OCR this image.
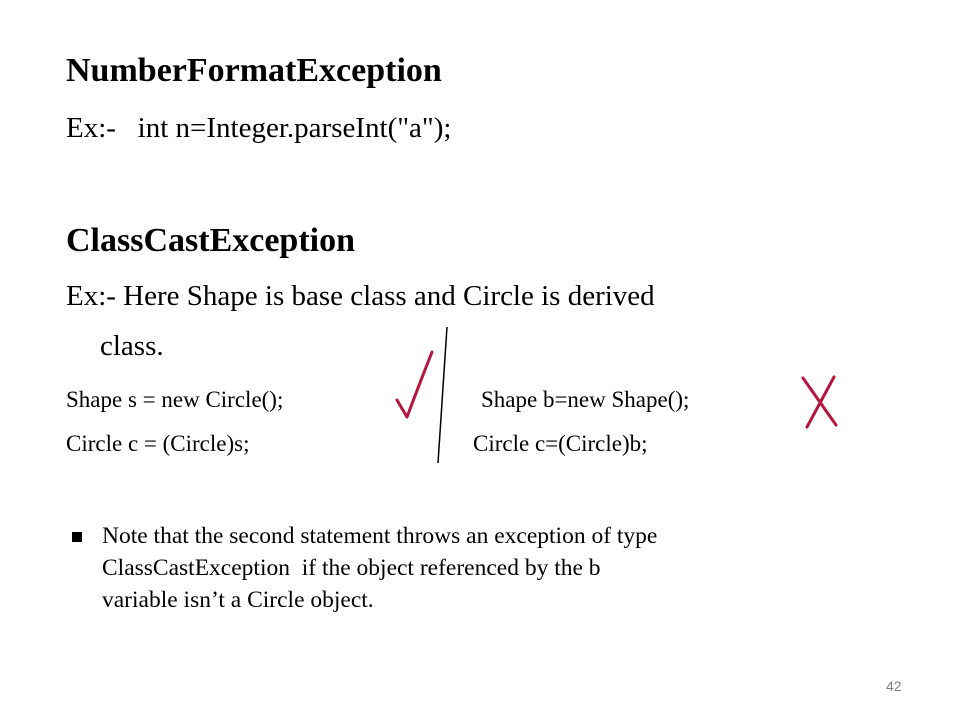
NumberFormatException
Ex:-   int n=Integer.parseInt("a");
ClassCastException
Ex:- Here Shape is base class and Circle is derived
class.
Shape s = new Circle();
Circle c = (Circle)s;
Shape b=new Shape();
Circle c=(Circle)b;
Note that the second statement throws an exception of type
ClassCastException  if the object referenced by the b
variable isn’t a Circle object.
42
